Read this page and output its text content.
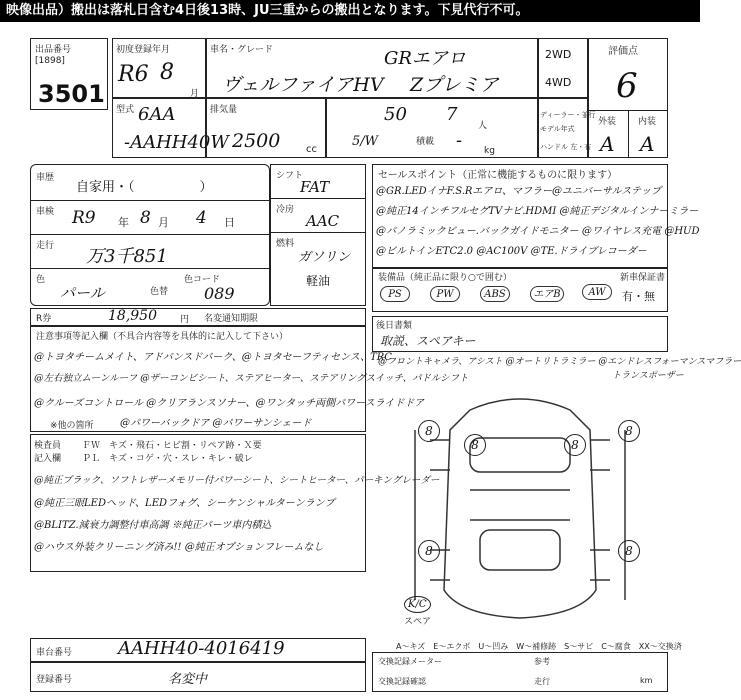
映像出品）搬出は落札日含む4日後13時、JU三重からの搬出となります。下見代行不可。
出品番号
[1898]
3501
初度登録年月
R6 8
月
車名・グレード	GRエアロ
ヴェルファイアHV Zプレミア
2WD
4WD
評価点
6
外装 内装
A A
型式 6AA
-AAHH40W
排気量
2500	cc
50 7
人
5/W	積載 - kg
ディーラー・並行
モデル年式
ハンドル 左・右
車歴
自家用・（　　　　　）
車検 R9 年 8 月 4 日
走行 万3千851
色
パール	色替
色コード
089
シフト
FAT
冷房
AAC
燃料
ガソリン
軽油
セールスポイント（正常に機能するものに限ります）
@GR.LEDイナF.S.Rエアロ、マフラー@ユニバーサルステップ
@純正14インチフルセグTVナビ.HDMI @純正デジタルインナーミラー
@パノラミックビュー.バックガイドモニター @ワイヤレス充電 @HUD
@ビルトインETC2.0 @AC100V @TE.ドライブレコーダー
装備品（純正品に限り○で囲む）	新車保証書
PS	PW	ABS	エアB	AW	有・無
R券	18,950	円 名変通知期限
注意事項等記入欄（不具合内容等を具体的に記入して下さい）
@トヨタチームメイト、アドバンスドパーク、@トヨタセーフティセンス、TRC
@左右独立ムーンルーフ @ザーコンビシート、ステアヒーター、ステアリングスイッチ、パドルシフト
@クルーズコントロール @クリアランスソナー、@ワンタッチ両側パワースライドドア
@パワーバックドア @パワーサンシェード
※他の箇所
後日書類
取説、スペアキー
@フロントキャメラ、アシスト @オートリトラミラー @エンドレスフォーマンスマフラー
トランスポーザー
8	8
8	8
8	8
K/C
スペア
検査員
記入欄
ＦＷ　キズ・飛石・ヒビ割・リペア跡・Ｘ要
ＰＬ　キズ・コゲ・穴・スレ・キレ・破レ
@純正プラック、ソフトレザーメモリー付パワーシート、シートヒーター、パーキングレーダー
@純正三眼LEDヘッド、LEDフォグ、シーケンシャルターンランプ
@BLITZ.減衰力調整付車高調 ※純正パーツ車内積込
@ハウス外装クリーニング済み!! @純正オプションフレームなし
A～キズ　E～エクボ　U～凹み　W～補修跡　S～サビ　C～腐食　XX～交換済
車台番号	AAHH40-4016419
登録番号	名変中
交換記録メーター	参考
交換記録確認	走行	km
